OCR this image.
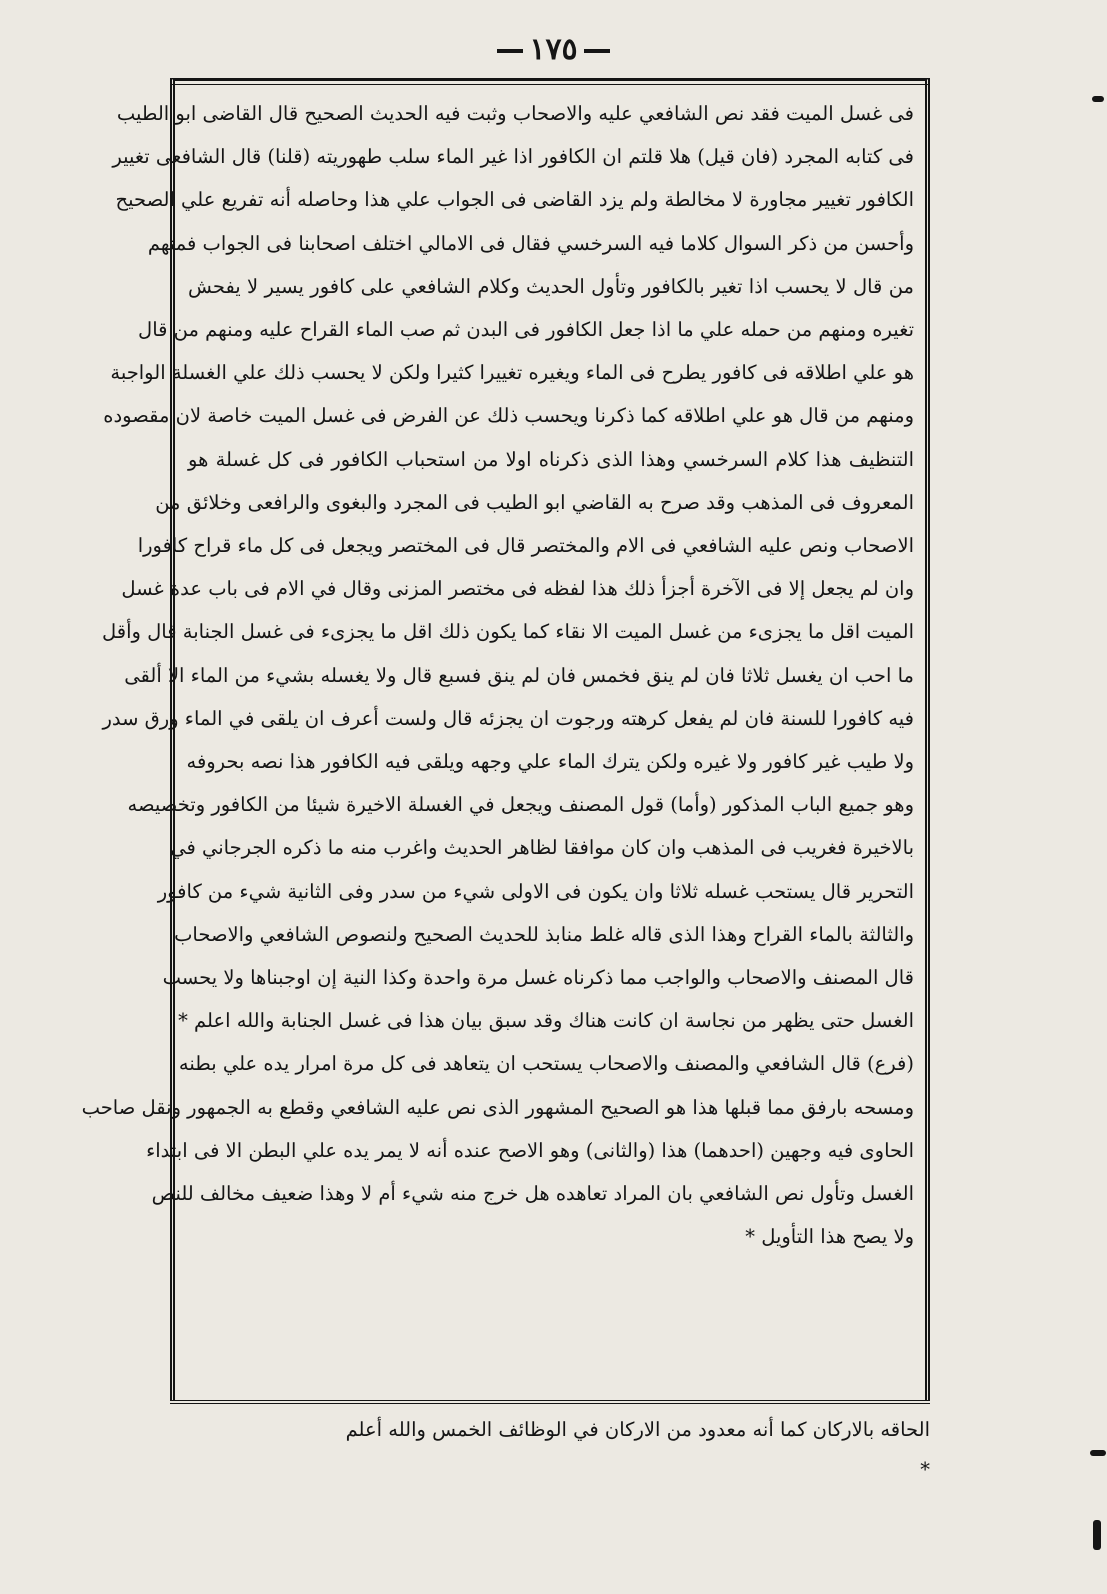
١٧٥
فى غسل الميت فقد نص الشافعي عليه والاصحاب وثبت فيه الحديث الصحيح قال القاضى ابو الطيب
فى كتابه المجرد (فان قيل) هلا قلتم ان الكافور اذا غير الماء سلب طهوريته (قلنا) قال الشافعى تغيير
الكافور تغيير مجاورة لا مخالطة ولم يزد القاضى فى الجواب علي هذا وحاصله أنه تفريع علي الصحيح
وأحسن من ذكر السوال كلاما فيه السرخسي فقال فى الامالي اختلف اصحابنا فى الجواب فمنهم
من قال لا يحسب اذا تغير بالكافور وتأول الحديث وكلام الشافعي على كافور يسير لا يفحش
تغيره ومنهم من حمله علي ما اذا جعل الكافور فى البدن ثم صب الماء القراح عليه ومنهم من قال
هو علي اطلاقه فى كافور يطرح فى الماء ويغيره تغييرا كثيرا ولكن لا يحسب ذلك علي الغسلة الواجبة
ومنهم من قال هو علي اطلاقه كما ذكرنا ويحسب ذلك عن الفرض فى غسل الميت خاصة لان مقصوده
التنظيف هذا كلام السرخسي وهذا الذى ذكرناه اولا من استحباب الكافور فى كل غسلة هو
المعروف فى المذهب وقد صرح به القاضي ابو الطيب فى المجرد والبغوى والرافعى وخلائق من
الاصحاب ونص عليه الشافعي فى الام والمختصر قال فى المختصر ويجعل فى كل ماء قراح كافورا
وان لم يجعل إلا فى الآخرة أجزأ ذلك هذا لفظه فى مختصر المزنى وقال في الام فى باب عدة غسل
الميت اقل ما يجزىء من غسل الميت الا نقاء كما يكون ذلك اقل ما يجزىء فى غسل الجنابة قال وأقل
ما احب ان يغسل ثلاثا فان لم ينق فخمس فان لم ينق فسبع قال ولا يغسله بشيء من الماء الا ألقى
فيه كافورا للسنة فان لم يفعل كرهته ورجوت ان يجزئه قال ولست أعرف ان يلقى في الماء ورق سدر
ولا طيب غير كافور ولا غيره ولكن يترك الماء علي وجهه ويلقى فيه الكافور هذا نصه بحروفه
وهو جميع الباب المذكور (وأما) قول المصنف ويجعل في الغسلة الاخيرة شيئا من الكافور وتخصيصه
بالاخيرة فغريب فى المذهب وان كان موافقا لظاهر الحديث واغرب منه ما ذكره الجرجاني في
التحرير قال يستحب غسله ثلاثا وان يكون فى الاولى شيء من سدر وفى الثانية شيء من كافور
والثالثة بالماء القراح وهذا الذى قاله غلط منابذ للحديث الصحيح ولنصوص الشافعي والاصحاب
قال المصنف والاصحاب والواجب مما ذكرناه غسل مرة واحدة وكذا النية إن اوجبناها ولا يحسب
الغسل حتى يظهر من نجاسة ان كانت هناك وقد سبق بيان هذا فى غسل الجنابة والله اعلم *
(فرع) قال الشافعي والمصنف والاصحاب يستحب ان يتعاهد فى كل مرة امرار يده علي بطنه
ومسحه بارفق مما قبلها هذا هو الصحيح المشهور الذى نص عليه الشافعي وقطع به الجمهور ونقل صاحب
الحاوى فيه وجهين (احدهما) هذا (والثانى) وهو الاصح عنده أنه لا يمر يده علي البطن الا فى ابتداء
الغسل وتأول نص الشافعي بان المراد تعاهده هل خرج منه شيء أم لا وهذا ضعيف مخالف للنص
ولا يصح هذا التأويل *
الحاقه بالاركان كما أنه معدود من الاركان في الوظائف الخمس والله أعلم *
